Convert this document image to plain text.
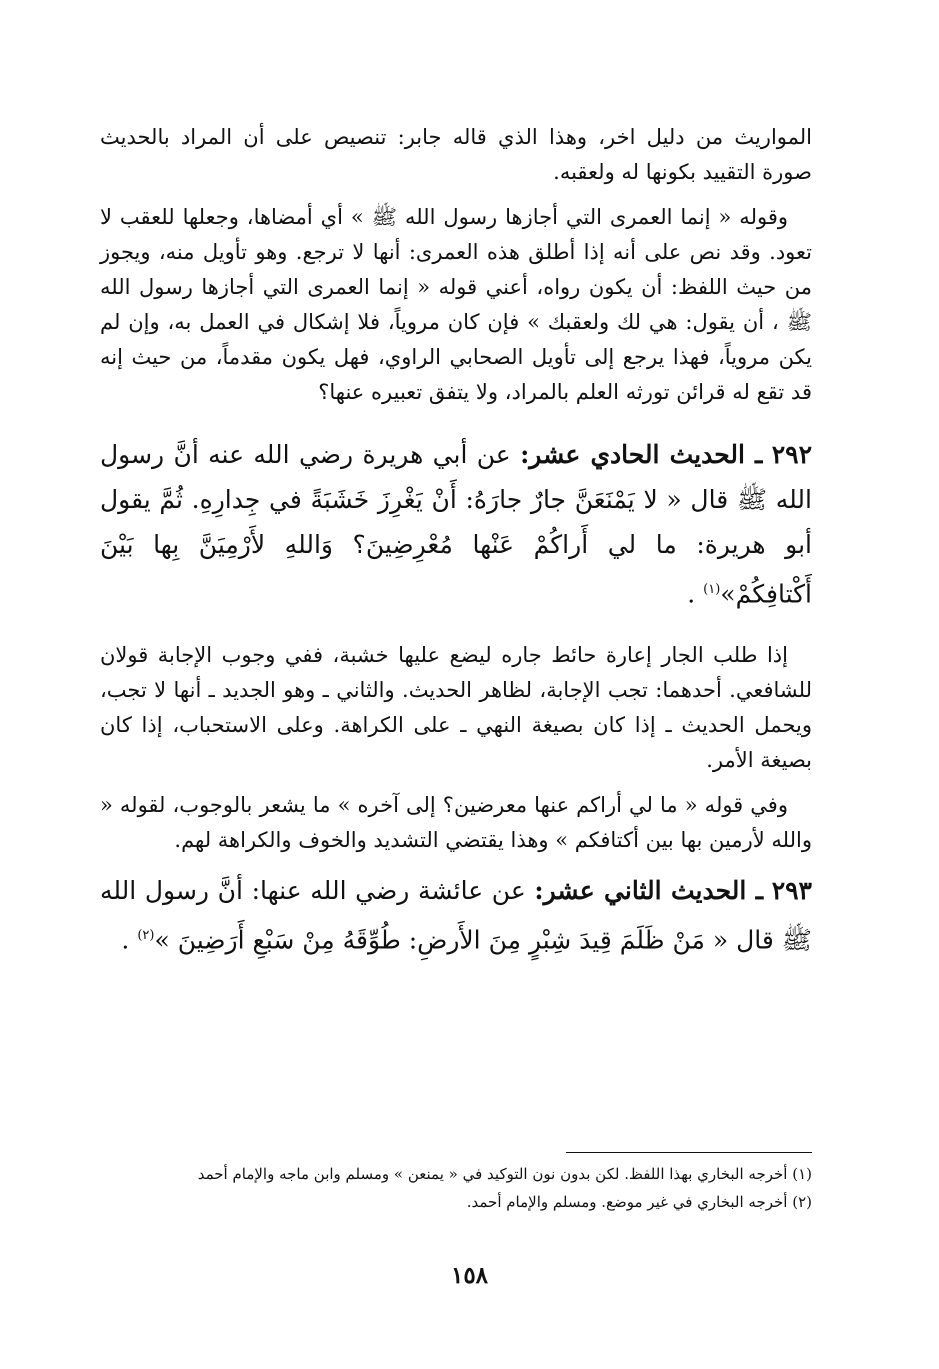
المواريث من دليل اخر، وهذا الذي قاله جابر: تنصيص على أن المراد بالحديث صورة التقييد بكونها له ولعقبه.

وقوله « إنما العمرى التي أجازها رسول الله ﷺ » أي أمضاها، وجعلها للعقب لا تعود. وقد نص على أنه إذا أطلق هذه العمرى: أنها لا ترجع. وهو تأويل منه، ويجوز من حيث اللفظ: أن يكون رواه، أعني قوله « إنما العمرى التي أجازها رسول الله ﷺ ، أن يقول: هي لك ولعقبك » فإن كان مروياً، فلا إشكال في العمل به، وإن لم يكن مروياً، فهذا يرجع إلى تأويل الصحابي الراوي، فهل يكون مقدماً، من حيث إنه قد تقع له قرائن تورثه العلم بالمراد، ولا يتفق تعبيره عنها؟

٢٩٢ ـ الحديث الحادي عشر: عن أبي هريرة رضي الله عنه أنَّ رسول الله ﷺ قال « لا يَمْنَعَنَّ جارٌ جارَهُ: أَنْ يَغْرِزَ خَشَبَةً في جِدارِهِ. ثُمَّ يقول أبو هريرة: ما لي أَراكُمْ عَنْها مُعْرِضِينَ؟ وَاللهِ لأَرْمِيَنَّ بِها بَيْنَ أَكْتافِكُمْ»$^{(١)}$ .

إذا طلب الجار إعارة حائط جاره ليضع عليها خشبة، ففي وجوب الإجابة قولان للشافعي. أحدهما: تجب الإجابة، لظاهر الحديث. والثاني ـ وهو الجديد ـ أنها لا تجب، ويحمل الحديث ـ إذا كان بصيغة النهي ـ على الكراهة. وعلى الاستحباب، إذا كان بصيغة الأمر.

وفي قوله « ما لي أراكم عنها معرضين؟ إلى آخره » ما يشعر بالوجوب، لقوله « والله لأرمين بها بين أكتافكم » وهذا يقتضي التشديد والخوف والكراهة لهم.

٢٩٣ ـ الحديث الثاني عشر: عن عائشة رضي الله عنها: أنَّ رسول الله ﷺ قال « مَنْ ظَلَمَ قِيدَ شِبْرٍ مِنَ الأَرضِ: طُوِّقَهُ مِنْ سَبْعِ أَرَضِينَ »$^{(٢)}$ .

(١) أخرجه البخاري بهذا اللفظ. لكن بدون نون التوكيد في « يمنعن » ومسلم وابن ماجه والإمام أحمد

(٢) أخرجه البخاري في غير موضع. ومسلم والإمام أحمد.

١٥٨
